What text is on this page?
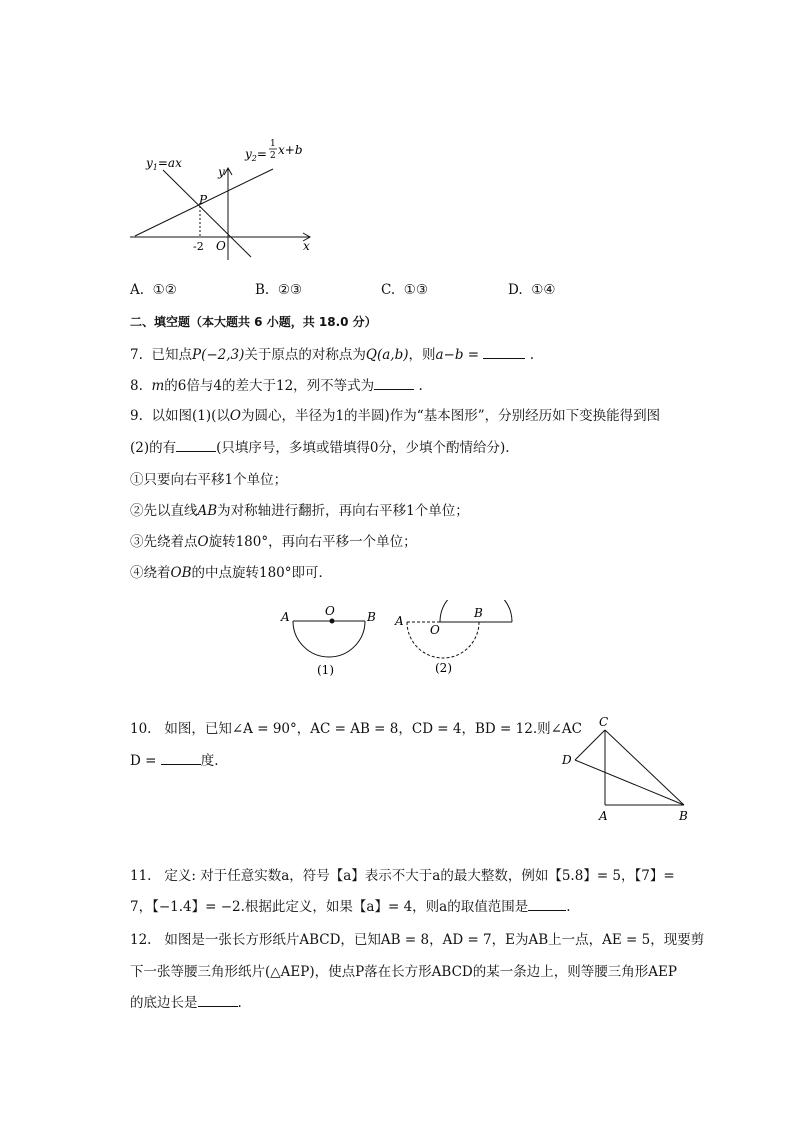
$y_1=ax$
$y_2=$
1
2 x+b
y
x
P
O
-2
A. ①②	B. ②③	C. ①③	D. ①④
二、填空题（本大题共 6 小题，共 18.0 分）
7. 已知点P(−2,3)关于原点的对称点为Q(a,b)，则a−b =	.
8. m的6倍与4的差大于12，列不等式为	.
9. 以如图(1)(以O为圆心，半径为1的半圆)作为“基本图形”，分别经历如下变换能得到图
(2)的有	(只填序号，多填或错填得0分，少填个酌情给分).
①只要向右平移1个单位；
②先以直线AB为对称轴进行翻折，再向右平移1个单位；
③先绕着点O旋转180°，再向右平移一个单位；
④绕着OB的中点旋转180°即可．
A	O	B
(1)
A
O
B
(2)
10. 如图，已知∠A = 90°，AC = AB = 8，CD = 4，BD = 12.则∠AC
D =	度.
C
D
A	B
11. 定义: 对于任意实数a，符号【a】表示不大于a的最大整数，例如【5.8】= 5，【7】=
7，【−1.4】= −2.根据此定义，如果【a】= 4，则a的取值范围是	.
12. 如图是一张长方形纸片ABCD，已知AB = 8，AD = 7，E为AB上一点，AE = 5，现要剪
下一张等腰三角形纸片(△AEP)，使点P落在长方形ABCD的某一条边上，则等腰三角形AEP
的底边长是	.
